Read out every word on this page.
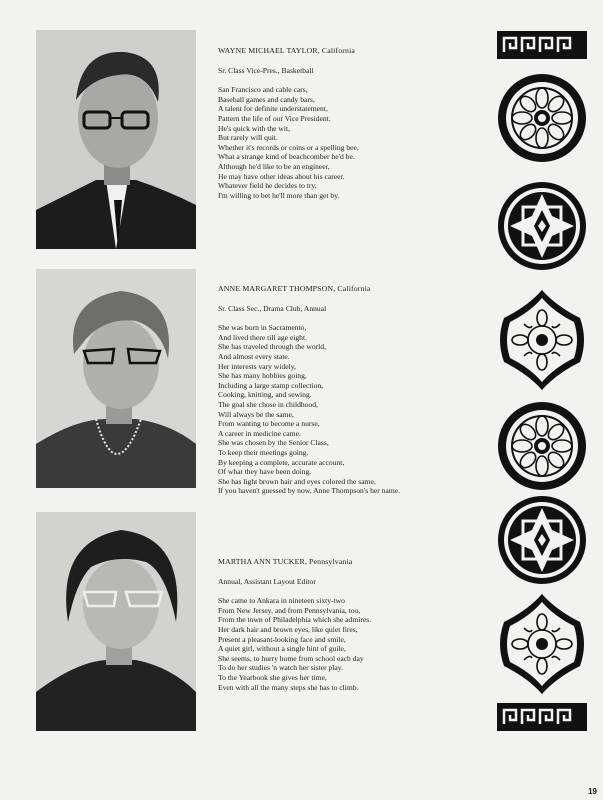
WAYNE MICHAEL TAYLOR, California
Sr. Class Vice-Pres., Basketball
San Francisco and cable cars,
Baseball games and candy bars,
A talent for definite understatement,
Pattern the life of our Vice President.
He's quick with the wit,
But rarely will quit.
Whether it's records or coins or a spelling bee,
What a strange kind of beachcomber he'd be.
Although he'd like to be an engineer,
He may have other ideas about his career.
Whatever field he decides to try,
I'm willing to bet he'll more than get by.
ANNE MARGARET THOMPSON, California
Sr. Class Sec., Drama Club, Annual
She was born in Sacramento,
And lived there till age eight.
She has traveled through the world,
And almost every state.
Her interests vary widely,
She has many hobbies going,
Including a large stamp collection,
Cooking, knitting, and sewing.
The goal she chose in childhood,
Will always be the same,
From wanting to become a nurse,
A career in medicine came.
She was chosen by the Senior Class,
To keep their meetings going.
By keeping a complete, accurate account,
Of what they have been doing.
She has light brown hair and eyes colored the same,
If you haven't guessed by now, Anne Thompson's her name.
MARTHA ANN TUCKER, Pennsylvania
Annual, Assistant Layout Editor
She came to Ankara in nineteen sixty-two
From New Jersey, and from Pennsylvania, too,
From the town of Philadelphia which she admires.
Her dark hair and brown eyes, like quiet fires,
Present a pleasant-looking face and smile,
A quiet girl, without a single hint of guile,
She seems, to hurry home from school each day
To do her studies 'n watch her sister play.
To the Yearbook she gives her time,
Even with all the many steps she has to climb.
19
